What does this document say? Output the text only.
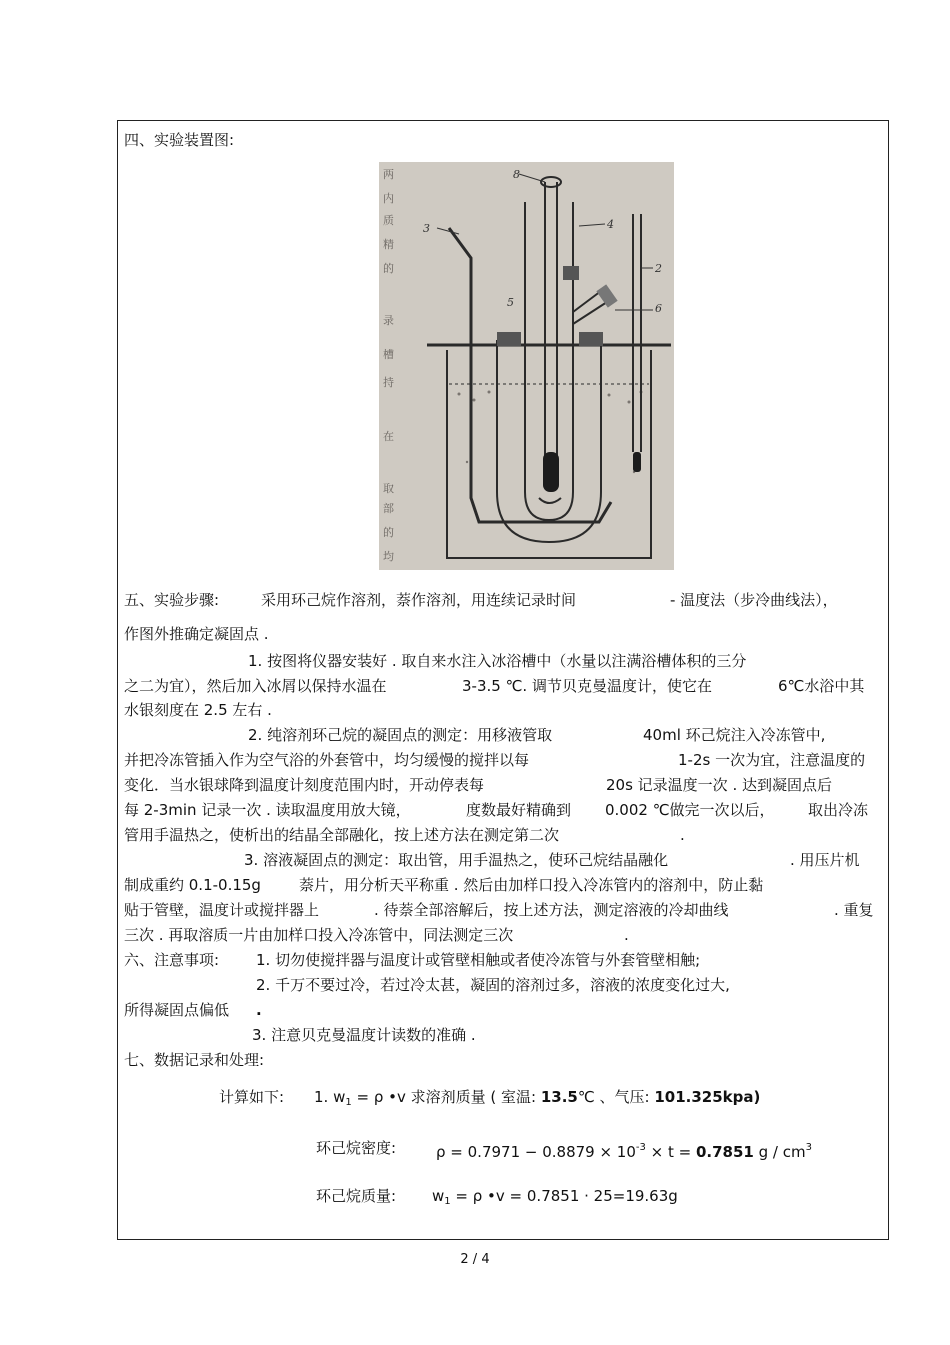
四、实验装置图:
两
内
质
精
的
录
槽
持
在
取
部
的
均
8
3	4
2
5	6
五、实验步骤:	采用环己烷作溶剂，萘作溶剂，用连续记录时间	- 温度法（步冷曲线法），
作图外推确定凝固点 .
1. 按图将仪器安装好 . 取自来水注入冰浴槽中（水量以注满浴槽体积的三分
之二为宜），然后加入冰屑以保持水温在	3-3.5 ℃. 调节贝克曼温度计，使它在	6℃水浴中其
水银刻度在 2.5 左右 .
2. 纯溶剂环己烷的凝固点的测定：用移液管取	40ml 环己烷注入冷冻管中,
并把冷冻管插入作为空气浴的外套管中，均匀缓慢的搅拌以每	1-2s 一次为宜，注意温度的
变化．当水银球降到温度计刻度范围内时，开动停表每	20s 记录温度一次 . 达到凝固点后
每 2-3min 记录一次 . 读取温度用放大镜，	度数最好精确到 0.002 ℃做完一次以后， 取出冷冻
管用手温热之，使析出的结晶全部融化，按上述方法在测定第二次	.
3. 溶液凝固点的测定：取出管，用手温热之，使环己烷结晶融化	. 用压片机
制成重约 0.1-0.15g	萘片，用分析天平称重 . 然后由加样口投入冷冻管内的溶剂中，防止黏
贴于管壁，温度计或搅拌器上	. 待萘全部溶解后，按上述方法，测定溶液的冷却曲线	. 重复
三次 . 再取溶质一片由加样口投入冷冻管中，同法测定三次	.
六、注意事项: 1. 切勿使搅拌器与温度计或管壁相触或者使冷冻管与外套管壁相触;
2. 千万不要过冷，若过冷太甚，凝固的溶剂过多，溶液的浓度变化过大,
所得凝固点偏低 .
3. 注意贝克曼温度计读数的准确 .
七、数据记录和处理:
计算如下: 1. $w_1 = \rho$ •v 求溶剂质量 ( 室温: 13.5℃ 、气压: 101.325kpa)
环己烷密度:	$\rho = 0.7971 - 0.8879 \times 10^{-3} \times t = 0.7851$ g / $cm^3$
环己烷质量: $w_1 = \rho$ •v = 0.7851 · 25=19.63g
2 / 4
